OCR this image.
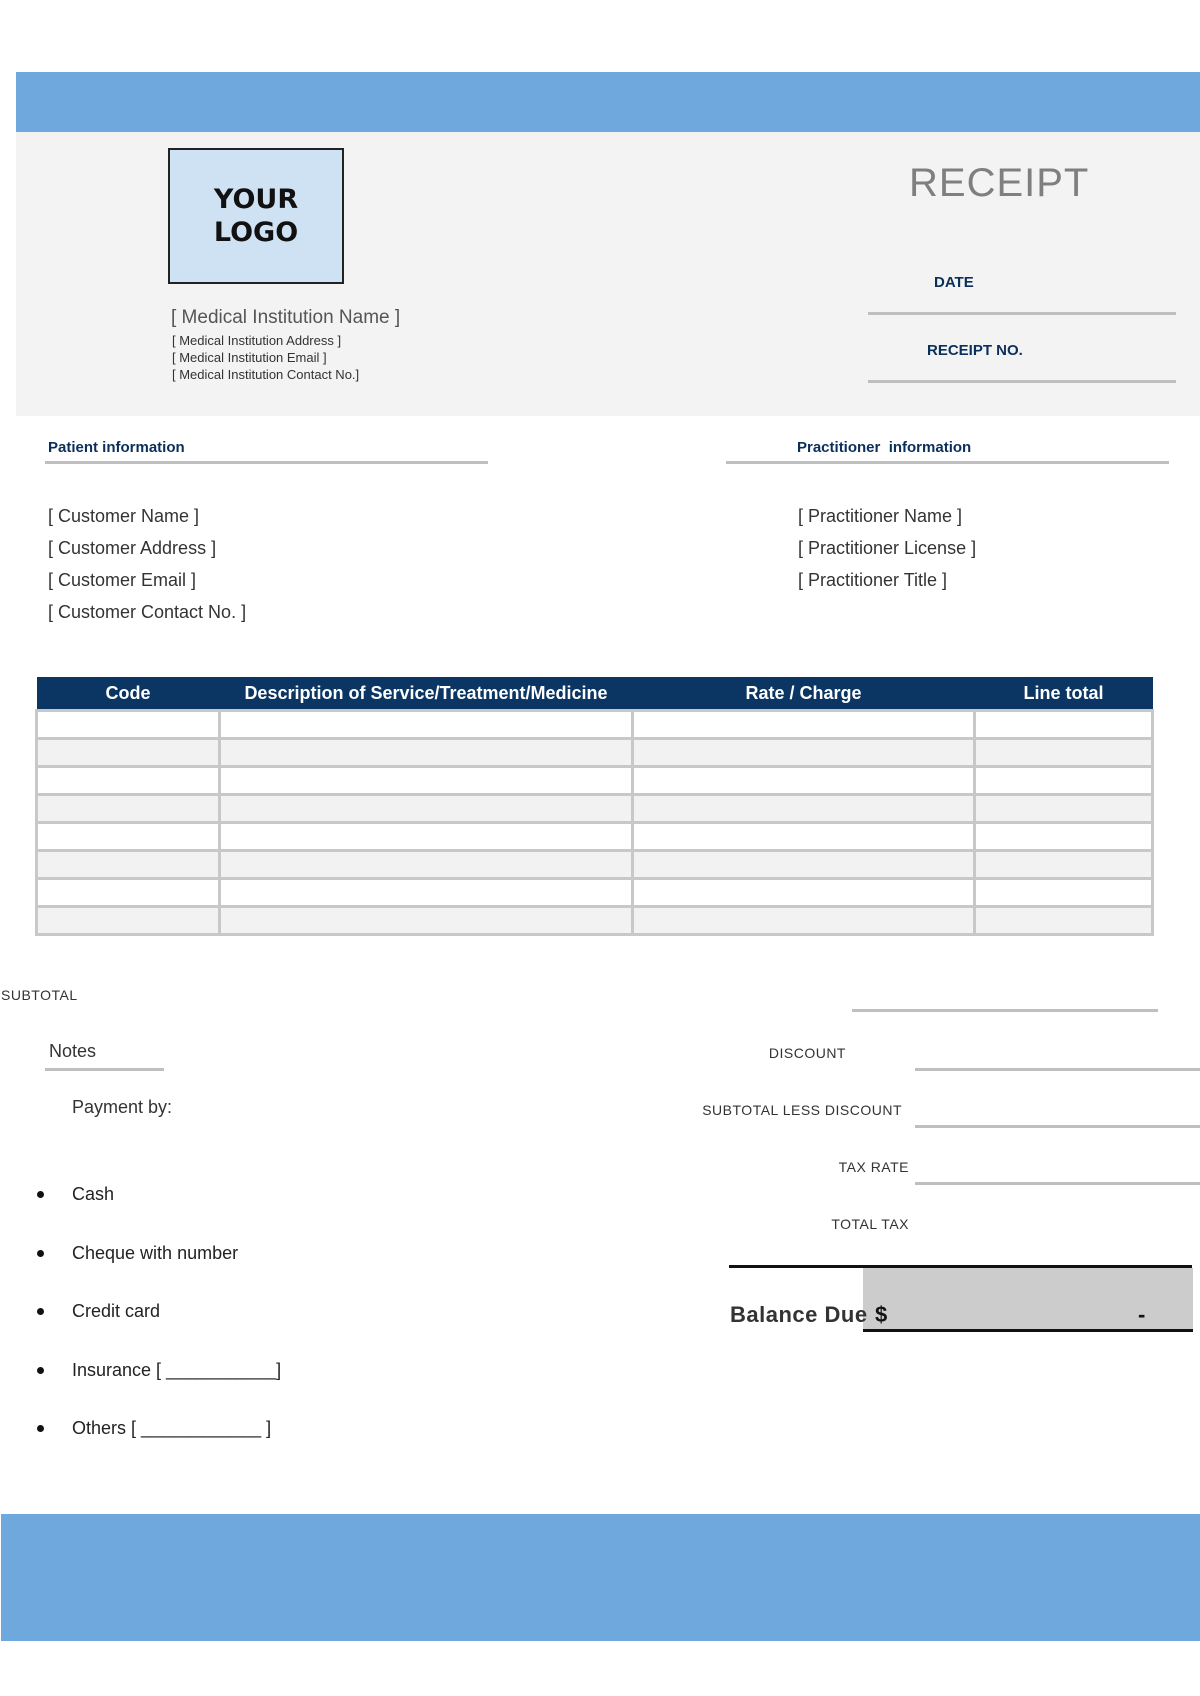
YOUR
LOGO
[ Medical Institution Name ]
[ Medical Institution Address ]
[ Medical Institution Email ]
[ Medical Institution Contact No.]
RECEIPT
DATE
RECEIPT NO.
Patient information
[ Customer Name ]
[ Customer Address ]
[ Customer Email ]
[ Customer Contact No. ]
Practitioner  information
[ Practitioner Name ]
[ Practitioner License ]
[ Practitioner Title ]
Code	Description of Service/Treatment/Medicine	Rate / Charge	Line total

SUBTOTAL
Notes
Payment by:

Cash

Cheque with number

Credit card

Insurance [ ___________]

Others [ ____________ ]

DISCOUNT
SUBTOTAL LESS DISCOUNT
TAX RATE
TOTAL TAX
Balance Due $	-
